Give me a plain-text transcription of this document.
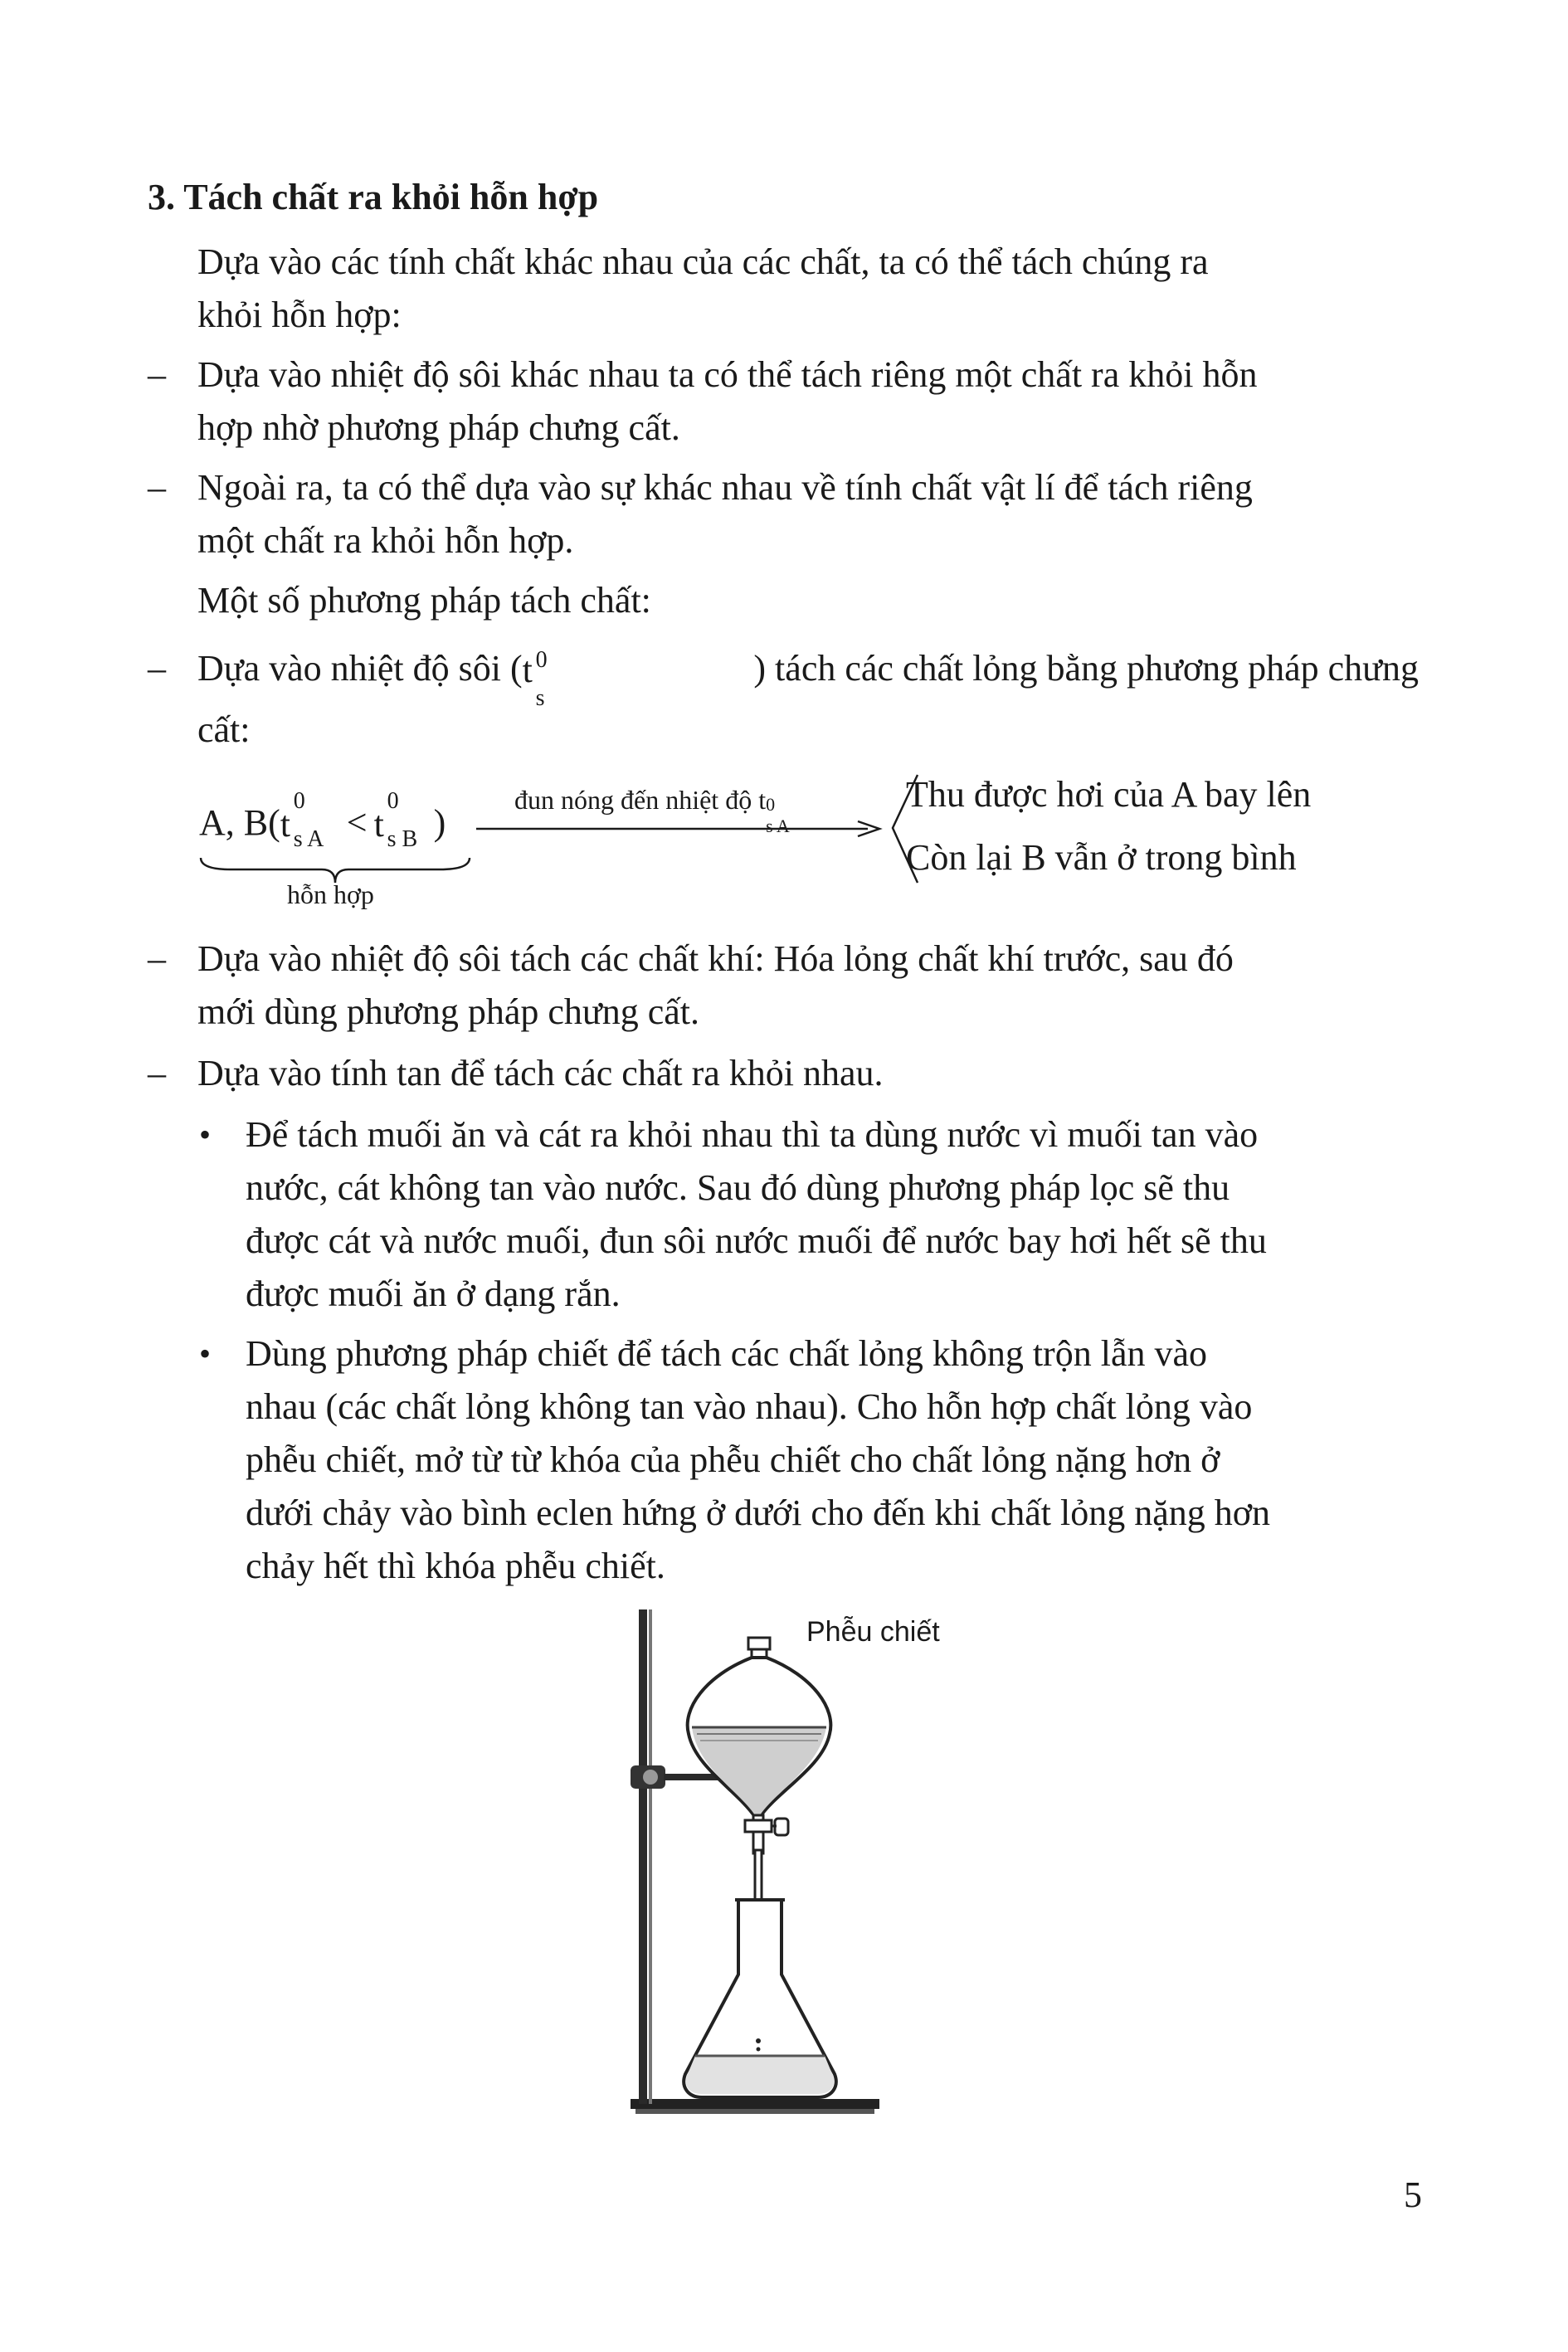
3. Tách chất ra khỏi hỗn hợp
Dựa vào các tính chất khác nhau của các chất, ta có thể tách chúng ra
khỏi hỗn hợp:
– Dựa vào nhiệt độ sôi khác nhau ta có thể tách riêng một chất ra khỏi hỗn
hợp nhờ phương pháp chưng cất.
– Ngoài ra, ta có thể dựa vào sự khác nhau về tính chất vật lí để tách riêng
một chất ra khỏi hỗn hợp.
Một số phương pháp tách chất:
– Dựa vào nhiệt độ sôi ( t 0
s
) tách các chất lỏng bằng phương pháp chưng
cất:
A, B( t
0
s A < t
0
s B )
hỗn hợp
đun nóng đến nhiệt độ t 0
s A
Thu được hơi của A bay lên
Còn lại B vẫn ở trong bình
– Dựa vào nhiệt độ sôi tách các chất khí: Hóa lỏng chất khí trước, sau đó
mới dùng phương pháp chưng cất.
– Dựa vào tính tan để tách các chất ra khỏi nhau.
• Để tách muối ăn và cát ra khỏi nhau thì ta dùng nước vì muối tan vào
nước, cát không tan vào nước. Sau đó dùng phương pháp lọc sẽ thu
được cát và nước muối, đun sôi nước muối để nước bay hơi hết sẽ thu
được muối ăn ở dạng rắn.
• Dùng phương pháp chiết để tách các chất lỏng không trộn lẫn vào
nhau (các chất lỏng không tan vào nhau). Cho hỗn hợp chất lỏng vào
phễu chiết, mở từ từ khóa của phễu chiết cho chất lỏng nặng hơn ở
dưới chảy vào bình eclen hứng ở dưới cho đến khi chất lỏng nặng hơn
chảy hết thì khóa phễu chiết.
Phễu chiết
5
